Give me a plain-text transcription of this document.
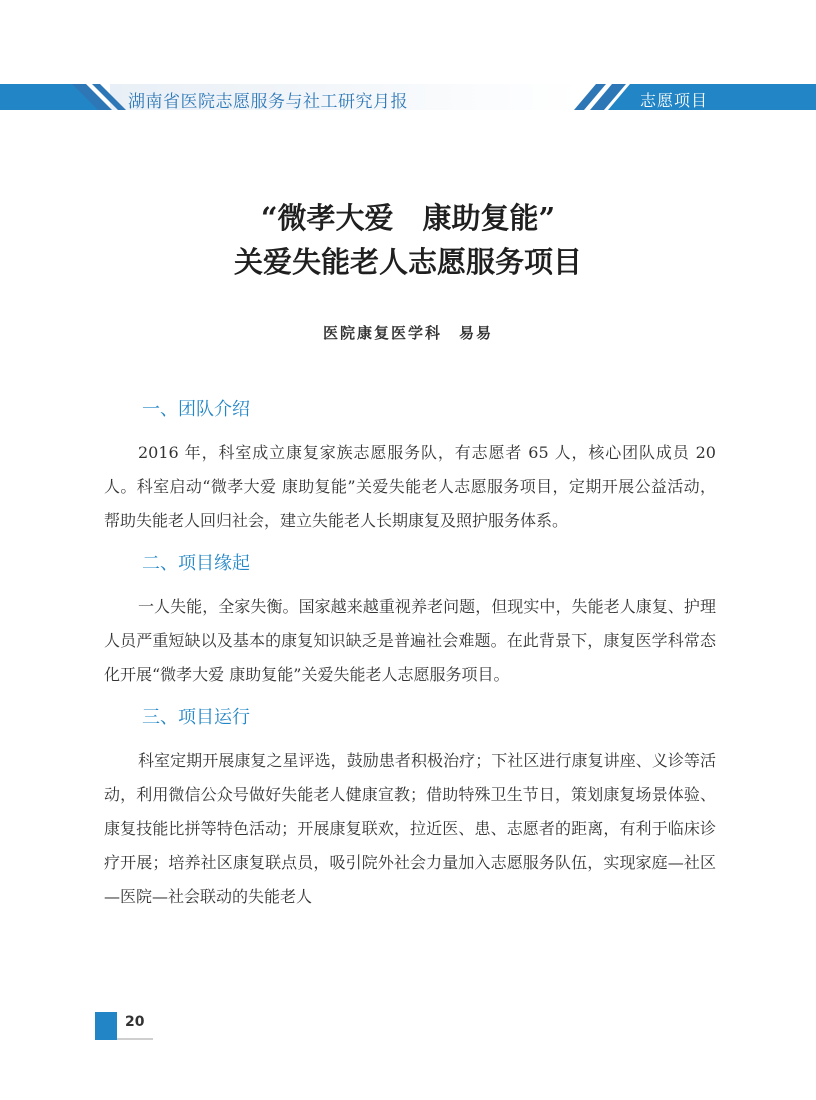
湖南省医院志愿服务与社工研究月报	志愿项目
“微孝大爱　康助复能”
关爱失能老人志愿服务项目
医院康复医学科　易易
一、团队介绍

2016 年，科室成立康复家族志愿服务队，有志愿者 65 人，核心团队成员 20 人。科室启动“微孝大爱 康助复能”关爱失能老人志愿服务项目，定期开展公益活动，帮助失能老人回归社会，建立失能老人长期康复及照护服务体系。

二、项目缘起

一人失能，全家失衡。国家越来越重视养老问题，但现实中，失能老人康复、护理人员严重短缺以及基本的康复知识缺乏是普遍社会难题。在此背景下，康复医学科常态化开展“微孝大爱 康助复能”关爱失能老人志愿服务项目。

三、项目运行

科室定期开展康复之星评选，鼓励患者积极治疗；下社区进行康复讲座、义诊等活动，利用微信公众号做好失能老人健康宣教；借助特殊卫生节日，策划康复场景体验、康复技能比拼等特色活动；开展康复联欢，拉近医、患、志愿者的距离，有利于临床诊疗开展；培养社区康复联点员，吸引院外社会力量加入志愿服务队伍，实现家庭—社区—医院—社会联动的失能老人

20
